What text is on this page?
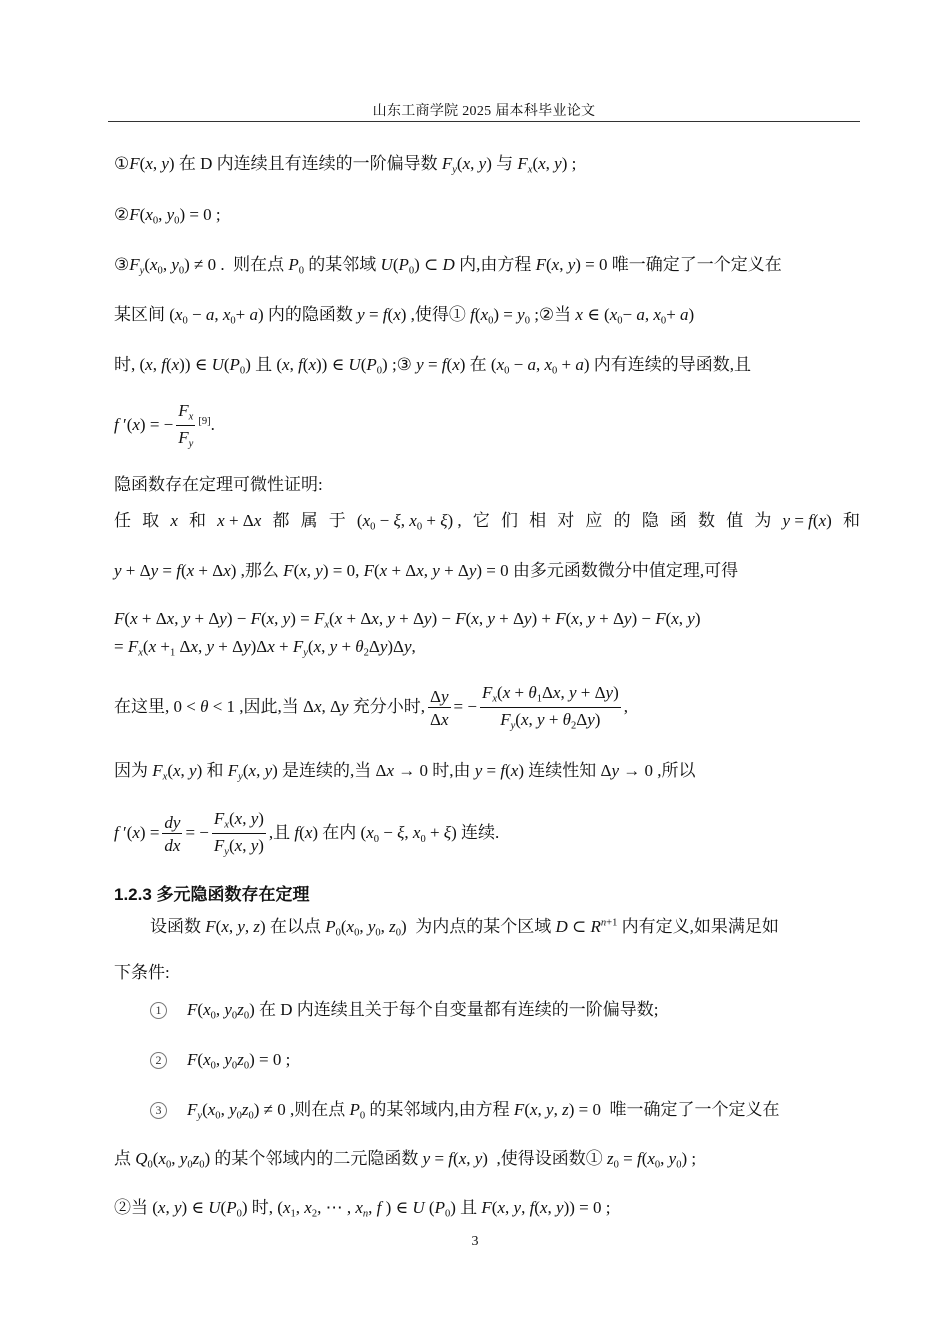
山东工商学院 2025 届本科毕业论文
①F(x, y) 在 D 内连续且有连续的一阶偏导数 $F_y(x$, y) 与 $F_x(x$, y) ;
$②F(x_0$, $y_0) = 0$ ;
$③F_y(x_0$, $y_0) \ne 0$ .  则在点 $P_0$ 的某邻域 $U(P_0)$ ⊂ D 内,由方程 F(x, y) = 0 唯一确定了一个定义在
某区间 ($x_0 - a$, $x_0+ a$) 内的隐函数 y = f(x) ,使得① $f(x_0) = y_0$ ;②当 x ∈ ($x_0- a$, $x_0+ a$)
时, (x, f(x)) ∈ $U(P_0)$ 且 (x, f(x)) ∈ $U(P_0)$ ;③ y = f(x) 在 ($x_0 - a$, $x_0 + a$) 内有连续的导函数,且
f ′(x) = − $\frac{F_x}{F_y} [9]$.
隐函数存在定理可微性证明:
任 取 x 和 x + Δx 都 属 于 ($x_0 - \xi$, $x_0 + \xi$) , 它 们 相 对 应 的 隐 函 数 值 为 y = f(x) 和
y + Δy = f(x + Δx) ,那么 F(x, y) = 0, F(x + Δx, y + Δy) = 0 由多元函数微分中值定理,可得
F(x + Δx, y + Δy) − F(x, $y) = F_x(x + \Delta x$, y + Δy) − F(x, y + Δy) + F(x, y + Δy) − F(x, y)
= $F_x(x +_1$ Δx, $y + \Delta y)\Delta x + F_y(x$, $y + \theta_2\Delta y)\Delta y$,
在这里, 0 < θ < 1 ,因此,当 Δx, Δy 充分小时, $\frac{\Delta y}{\Delta x}$ = − $\frac{F_x(x + \theta_1\Delta x, y + \Delta y)}{F_y(x, y + \theta_2\Delta y)}$ ,
因为 $F_x(x$, y) 和 $F_y(x$, y) 是连续的,当 Δx → 0 时,由 y = f(x) 连续性知 Δy → 0 ,所以
f $'(x) = \frac{dy}{dx}$ = − $\frac{F_x(x, y)}{F_y(x, y)}$ ,且 f(x) 在内 ($x_0 - \xi$, $x_0 + \xi$) 连续.
1.2.3 多元隐函数存在定理
设函数 F(x, y, z) 在以点 $P_0(x_0$, $y_0$, $z_0$)  为内点的某个区域 D ⊂ $R^{n+1}$ 内有定义,如果满足如
下条件:
1 $F(x_0$, $y_0z_0$) 在 D 内连续且关于每个自变量都有连续的一阶偏导数;
2 $F(x_0$, $y_0z_0) = 0$ ;
3 $F_y(x_0$, $y_0z_0) \ne 0$ ,则在点 $P_0$ 的某邻域内,由方程 F(x, y, z) = 0  唯一确定了一个定义在
点 $Q_0(x_0$, $y_0z_0$) 的某个邻域内的二元隐函数 y = f(x, y)  ,使得设函数① $z_0 = f(x_0$, $y_0$) ;
②当 (x, y) ∈ $U(P_0)$ 时, ($x_1$, $x_2$, ⋯ , $x_n$, f ) ∈ U $(P_0)$ 且 F(x, y, f(x, y)) = 0 ;
3
